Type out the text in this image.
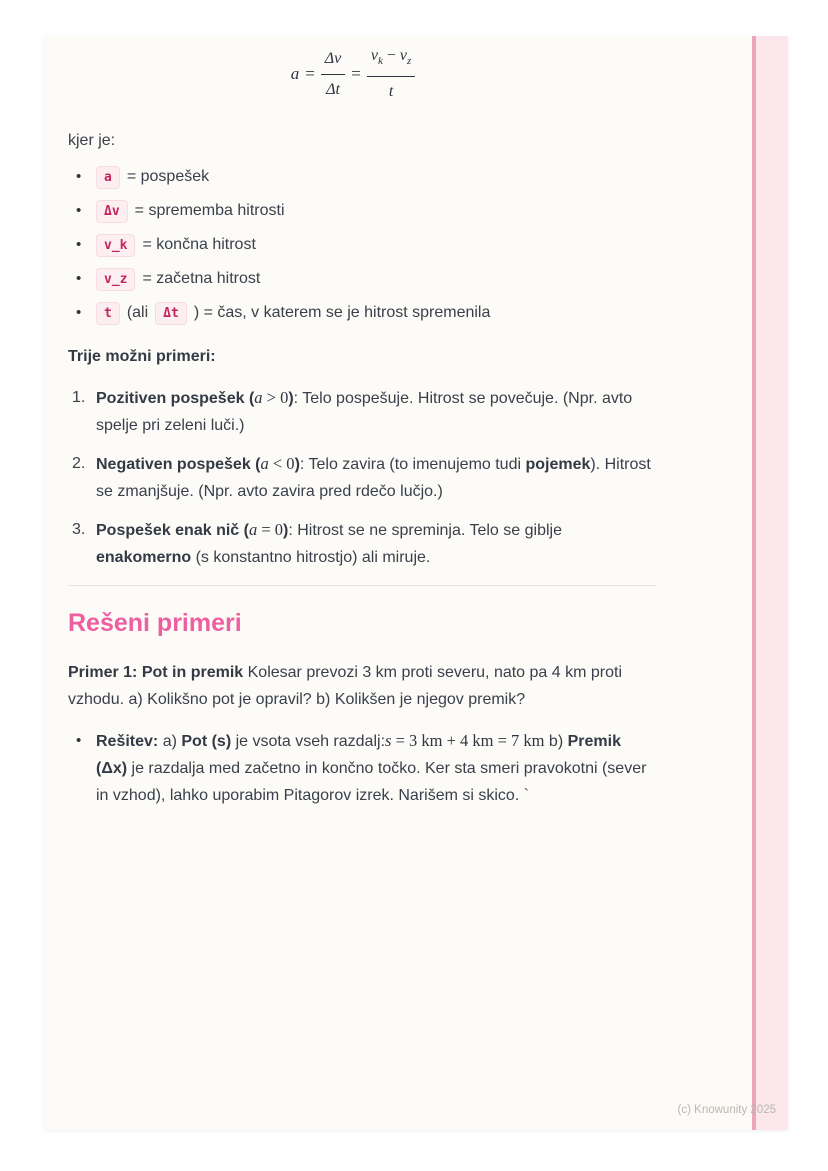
$a = \frac{\Delta v}{\Delta t} = \frac{v_k - v_z}{t}$

kjer je:

•	a = pospešek
•	Δv = sprememba hitrosti
•	v_k = končna hitrost
•	v_z = začetna hitrost
•	t (ali Δt ) = čas, v katerem se je hitrost spremenila

Trije možni primeri:

1. Pozitiven pospešek (a > 0): Telo pospešuje. Hitrost se povečuje. (Npr. avto spelje pri zeleni luči.)
2. Negativen pospešek (a < 0): Telo zavira (to imenujemo tudi pojemek). Hitrost se zmanjšuje. (Npr. avto zavira pred rdečo lučjo.)
3. Pospešek enak nič (a = 0): Hitrost se ne spreminja. Telo se giblje enakomerno (s konstantno hitrostjo) ali miruje.
Rešeni primeri

Primer 1: Pot in premik Kolesar prevozi 3 km proti severu, nato pa 4 km proti vzhodu. a) Kolikšno pot je opravil? b) Kolikšen je njegov premik?

• Rešitev: a) Pot (s) je vsota vseh razdalj:s = 3 km + 4 km = 7 km b) Premik (Δx) je razdalja med začetno in končno točko. Ker sta smeri pravokotni (sever in vzhod), lahko uporabim Pitagorov izrek. Narišem si skico. `
(c) Knowunity 2025
